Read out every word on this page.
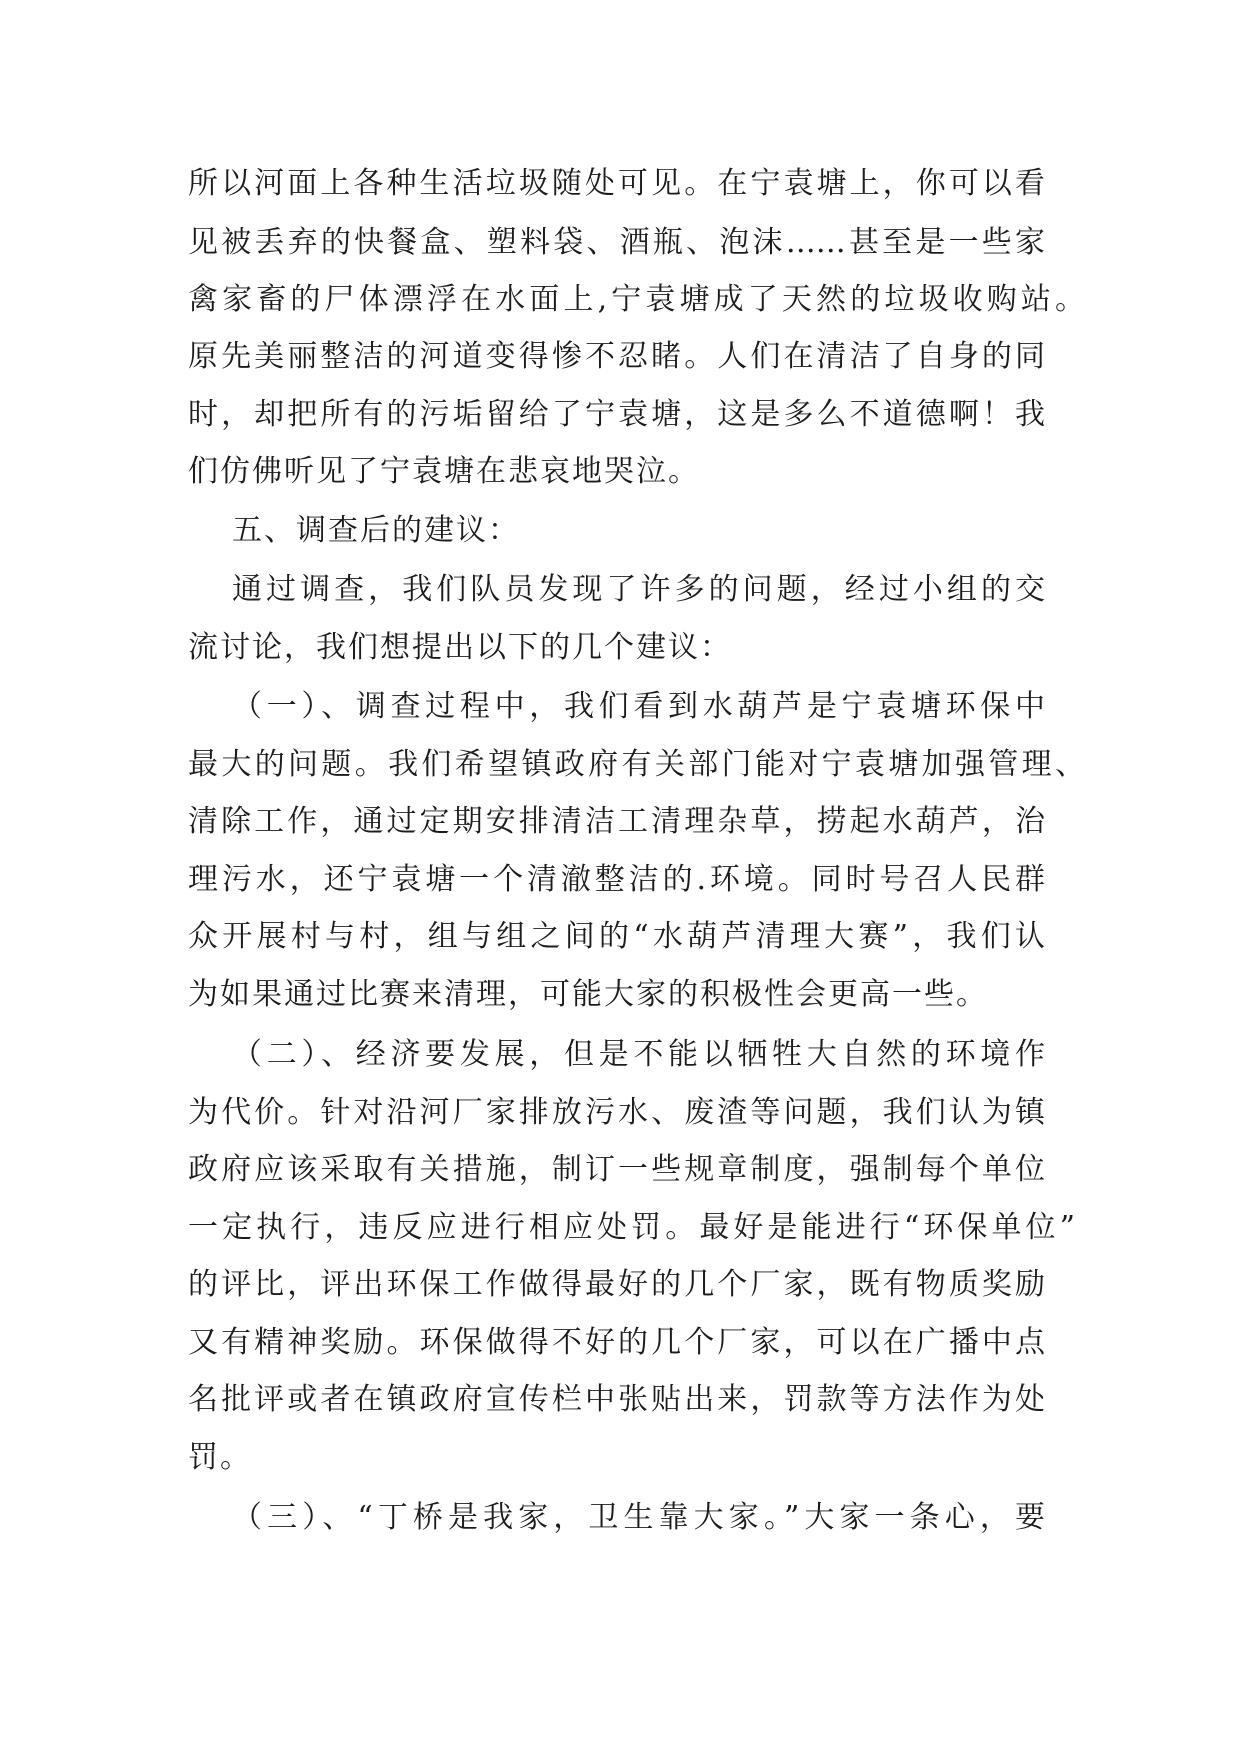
所以河面上各种生活垃圾随处可见。在宁袁塘上，你可以看
见被丢弃的快餐盒、塑料袋、酒瓶、泡沫……甚至是一些家
禽家畜的尸体漂浮在水面上,宁袁塘成了天然的垃圾收购站。
原先美丽整洁的河道变得惨不忍睹。人们在清洁了自身的同
时，却把所有的污垢留给了宁袁塘，这是多么不道德啊！我
们仿佛听见了宁袁塘在悲哀地哭泣。
五、调查后的建议：
通过调查，我们队员发现了许多的问题，经过小组的交
流讨论，我们想提出以下的几个建议：
（一）、调查过程中，我们看到水葫芦是宁袁塘环保中
最大的问题。我们希望镇政府有关部门能对宁袁塘加强管理、
清除工作，通过定期安排清洁工清理杂草，捞起水葫芦，治
理污水，还宁袁塘一个清澈整洁的.环境。同时号召人民群
众开展村与村，组与组之间的“水葫芦清理大赛”，我们认
为如果通过比赛来清理，可能大家的积极性会更高一些。
（二）、经济要发展，但是不能以牺牲大自然的环境作
为代价。针对沿河厂家排放污水、废渣等问题，我们认为镇
政府应该采取有关措施，制订一些规章制度，强制每个单位
一定执行，违反应进行相应处罚。最好是能进行“环保单位”
的评比，评出环保工作做得最好的几个厂家，既有物质奖励
又有精神奖励。环保做得不好的几个厂家，可以在广播中点
名批评或者在镇政府宣传栏中张贴出来，罚款等方法作为处
罚。
（三）、“丁桥是我家，卫生靠大家。”大家一条心，要
